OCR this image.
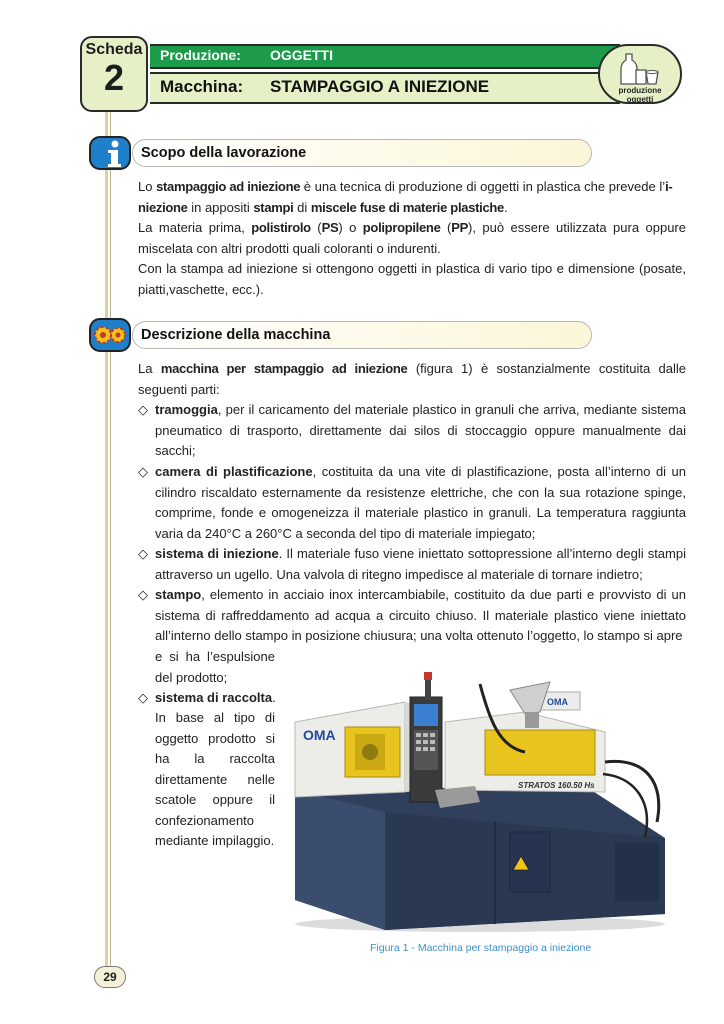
Produzione: OGGETTI
Macchina: STAMPAGGIO A INIEZIONE
Scheda
2	produzione
oggetti
Scopo della lavorazione
Lo stampaggio ad iniezione è una tecnica di produzione di oggetti in plastica che prevede l’i-
niezione in appositi stampi di miscele fuse di materie plastiche.
La materia prima, polistirolo (PS) o polipropilene (PP), può essere utilizzata pura oppure miscelata con altri prodotti quali coloranti o indurenti.
Con la stampa ad iniezione si ottengono oggetti in plastica di vario tipo e dimensione (posate, piatti,vaschette, ecc.).
Descrizione della macchina
La macchina per stampaggio ad iniezione (figura 1) è sostanzialmente costituita dalle seguenti parti:
◇ tramoggia, per il caricamento del materiale plastico in granuli che arriva, mediante sistema pneumatico di trasporto, direttamente dai silos di stoccaggio oppure manualmente dai sacchi;
◇ camera di plastificazione, costituita da una vite di plastificazione, posta all’interno di un cilindro riscaldato esternamente da resistenze elettriche, che con la sua rotazione spinge, comprime, fonde e omogeneizza il materiale plastico in granuli. La temperatura raggiunta varia da 240°C a 260°C a seconda del tipo di materiale impiegato;
◇ sistema di iniezione. Il materiale fuso viene iniettato sottopressione all’interno degli stampi attraverso un ugello. Una valvola di ritegno impedisce al materiale di tornare indietro;
◇ stampo, elemento in acciaio inox intercambiabile, costituito da due parti e provvisto di un sistema di raffreddamento ad acqua a circuito chiuso. Il materiale plastico viene iniettato all’interno dello stampo in posizione chiusura; una volta ottenuto l’oggetto, lo stampo si apre
e si ha l’espulsione del prodotto;
◇ sistema di raccolta.
In base al tipo di oggetto prodotto si ha la raccolta direttamente nelle scatole oppure il confezionamento mediante impilaggio.
OMA
STRATOS 160.50 Hs
OMA
Figura 1 - Macchina per stampaggio a iniezione
29
